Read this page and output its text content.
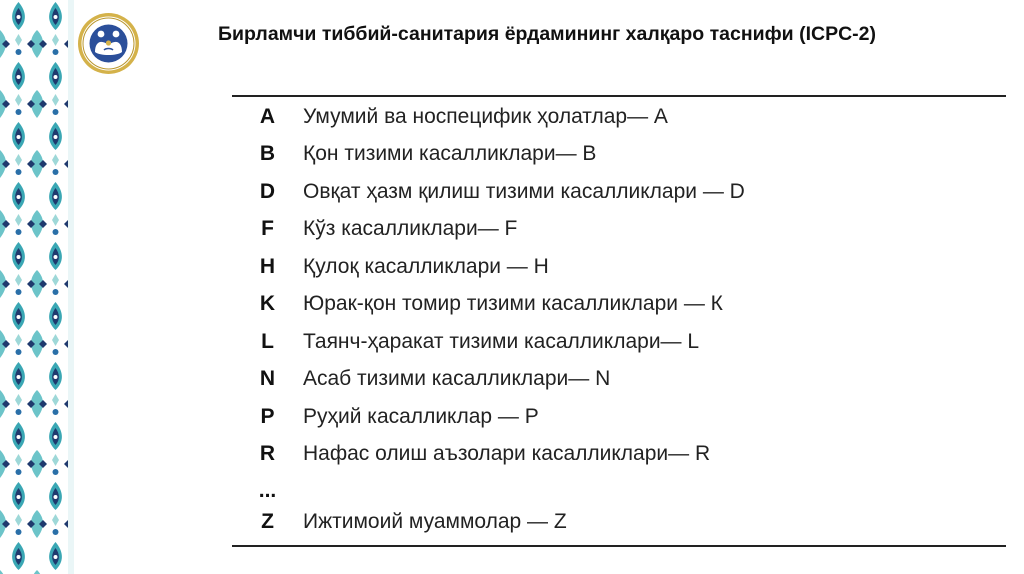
Бирламчи тиббий-санитария ёрдамининг халқаро таснифи (ICPC-2)
A	Умумий ва носпецифик ҳолатлар— A
B	Қон тизими касалликлари— B
D	Овқат ҳазм қилиш тизими касалликлари — D
F	Кўз касалликлари— F
H	Қулоқ касалликлари — H
K	Юрак-қон томир тизими касалликлари — К
L	Таянч-ҳаракат тизими касалликлари— L
N	Асаб тизими касалликлари— N
P	Руҳий касалликлар — P
R	Нафас олиш аъзолари касалликлари— R
...
Z	Ижтимоий муаммолар — Z
